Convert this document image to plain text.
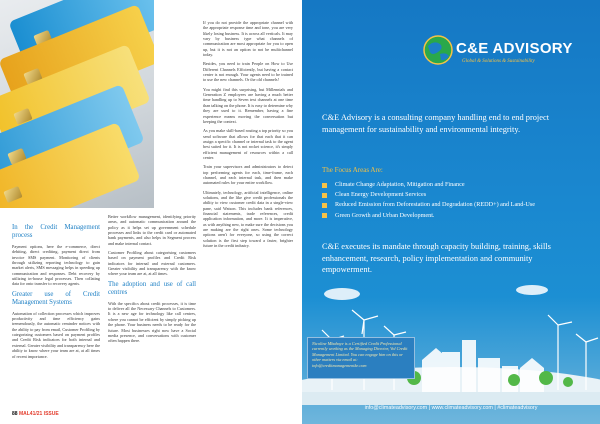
In the Credit Management process

Payment options, here the e-commerce, direct debiting, direct crediting, payment direct from invoice SMS payment. Monitoring of clients through utilizing reporting technology to gain market alerts, SMS messaging helps in speeding up communication and responses. Debt recovery by utilizing in-house legal processes. Then collating data for onto transfer to recovery agents.

Greater use of Credit Management Systems

Automation of collection processes which improves productivity and time efficiency gains tremendously, the automatic reminder notices with the ability to pay from email, Customer Profiling by categorizing customers based on payment profiles and Credit Risk indicators for both internal and external. Greater visibility and transparency here the ability to know where your team are at, at all times of recent importance.

Better workflow management, identifying priority areas, and automatic communication around the policy as it helps set up government schedule processes and links to the credit card or automated bank payments, and also helps in Segment process and make internal contact.

Customer Profiling about categorising customers based on payment profiles and Credit Risk indicators for internal and external customers. Greater visibility and transparency with the know where your team are at, at all times.

The adoption and use of call centres

With the specifics about credit processes, it is time to deliver all the Necessary Channels to Customers. It is a new age for technology like call centres, where you cannot be efficient by simply picking up the phone. Your business needs to be ready for the future. Most businesses right now have a Social media presence, and conversations with customer often happen there.

If you do not provide the appropriate channel with the appropriate response time and tone, you are very likely losing business. It is across all verticals. It may vary by business type what channels of communication are most appropriate for you to open up, but it is not an option to not be multichannel today.

Besides, you need to train People on How to Use Different Channels Efficiently, but having a contact center is not enough. Your agents need to be trained to use the new channels. Or the old channels!

You might find this surprising, but Millennials and Generation Z employees are having a much better time handling up to Seven text channels at one time than talking on the phone. It is easy to determine why they are used to it. Remember, having a fine experience means moving the conversation but keeping the context.

As you make skill-based routing a top priority so you send software that allows for that each that it can assign a specific channel or internal task to the agent best suited for it. It is not rocket science, it's simply efficient management of resources within a call center.

Train your supervisors and administrators to detect top performing agents for each, time-frame, each channel, and each internal task, and then make automated rules for your entire workflow.

Ultimately, technology, artificial intelligence, online solutions, and the like give credit professionals the ability to view customer credit data in a single-view pane, said Watson. This includes bank references, financial statements, trade references, credit application information, and more. It is imperative, as with anything new, to make sure the decisions you are making are the right ones. Some technology options aren't for everyone, so using the correct solution is the first step toward a faster, brighter future in the credit industry.

88 MAL41/21 ISSUE
C&E ADVISORY
Global & Solutions & Sustainability
C&E Advisory is a consulting company handling end to end project management for sustainability and environmental integrity.
The Focus Areas Are:
Climate Change Adaptation, Mitigation and Finance
Clean Energy Development Services
Reduced Emission from Deforestation and Degradation (REDD+) and Land-Use
Green Growth and Urban Development.
C&E executes its mandate through capacity building, training, skills enhancement, research, policy implementation and community empowerment.
Nicoline Mbabaye is a Certified Credit Professional currently working as the Managing Director, Vol Credit Management Limited. You can engage him on this or other matters via email at: info@creditmanagementke.com
info@climateadvisory.com | www.climateadvisory.com | #climateadvisory
